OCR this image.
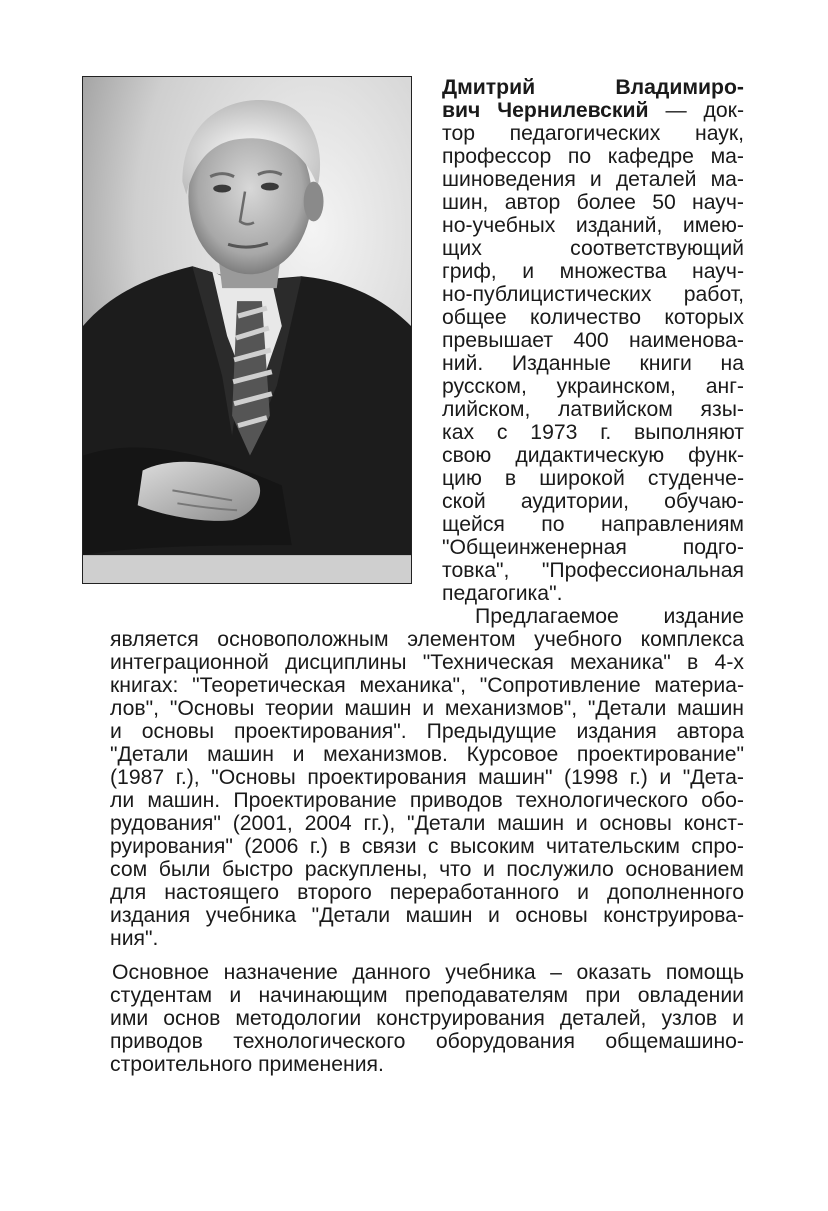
Дмитрий Владимиро-
вич Чернилевский — док-
тор педагогических наук,
профессор по кафедре ма-
шиноведения и деталей ма-
шин, автор более 50 науч-
но-учебных изданий, имею-
щих соответствующий
гриф, и множества науч-
но-публицистических работ,
общее количество которых
превышает 400 наименова-
ний. Изданные книги на
русском, украинском, анг-
лийском, латвийском язы-
ках с 1973 г. выполняют
свою дидактическую функ-
цию в широкой студенче-
ской аудитории, обучаю-
щейся по направлениям
"Общеинженерная подго-
товка", "Профессиональная
педагогика".
Предлагаемое издание
является основоположным элементом учебного комплекса
интеграционной дисциплины "Техническая механика" в 4-х
книгах: "Теоретическая механика", "Сопротивление материа-
лов", "Основы теории машин и механизмов", "Детали машин
и основы проектирования". Предыдущие издания автора
"Детали машин и механизмов. Курсовое проектирование"
(1987 г.), "Основы проектирования машин" (1998 г.) и "Дета-
ли машин. Проектирование приводов технологического обо-
рудования" (2001, 2004 гг.), "Детали машин и основы конст-
руирования" (2006 г.) в связи с высоким читательским спро-
сом были быстро раскуплены, что и послужило основанием
для настоящего второго переработанного и дополненного
издания учебника "Детали машин и основы конструирова-
ния".
Основное назначение данного учебника – оказать помощь
студентам и начинающим преподавателям при овладении
ими основ методологии конструирования деталей, узлов и
приводов технологического оборудования общемашино-
строительного применения.
